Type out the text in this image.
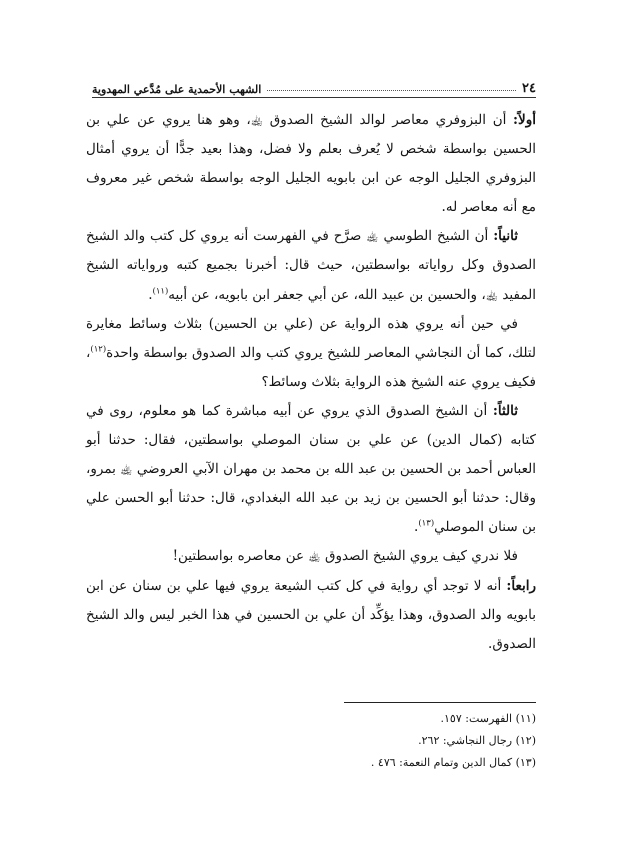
٢٤
الشهب الأحمدية على مُدَّعي المهدوية

أولاً: أن البزوفري معاصر لوالد الشيخ الصدوق ﵀، وهو هنا يروي عن علي بن الحسين بواسطة شخص لا يُعرف بعلم ولا فضل، وهذا بعيد جدًّا أن يروي أمثال البزوفري الجليل الوجه عن ابن بابويه الجليل الوجه بواسطة شخص غير معروف مع أنه معاصر له.

ثانياً: أن الشيخ الطوسي ﵀ صرَّح في الفهرست أنه يروي كل كتب والد الشيخ الصدوق وكل رواياته بواسطتين، حيث قال: أخبرنا بجميع كتبه ورواياته الشيخ المفيد ﵀، والحسين بن عبيد الله، عن أبي جعفر ابن بابويه، عن أبيه$^{(١١)}$.

في حين أنه يروي هذه الرواية عن (علي بن الحسين) بثلاث وسائط مغايرة لتلك، كما أن النجاشي المعاصر للشيخ يروي كتب والد الصدوق بواسطة واحدة$^{(١٢)}$، فكيف يروي عنه الشيخ هذه الرواية بثلاث وسائط؟

ثالثاً: أن الشيخ الصدوق الذي يروي عن أبيه مباشرة كما هو معلوم، روى في كتابه (كمال الدين) عن علي بن سنان الموصلي بواسطتين، فقال: حدثنا أبو العباس أحمد بن الحسين بن عبد الله بن محمد بن مهران الآبي العروضي ﵀ بمرو، وقال: حدثنا أبو الحسين بن زيد بن عبد الله البغدادي، قال: حدثنا أبو الحسن علي بن سنان الموصلي$^{(١٣)}$.

فلا ندري كيف يروي الشيخ الصدوق ﵀ عن معاصره بواسطتين!

رابعاً: أنه لا توجد أي رواية في كل كتب الشيعة يروي فيها علي بن سنان عن ابن بابويه والد الصدوق، وهذا يؤكِّد أن علي بن الحسين في هذا الخبر ليس والد الشيخ الصدوق.

(١١) الفهرست: ١٥٧.
(١٢) رجال النجاشي: ٢٦٢.
(١٣) كمال الدين وتمام النعمة: ٤٧٦ .
